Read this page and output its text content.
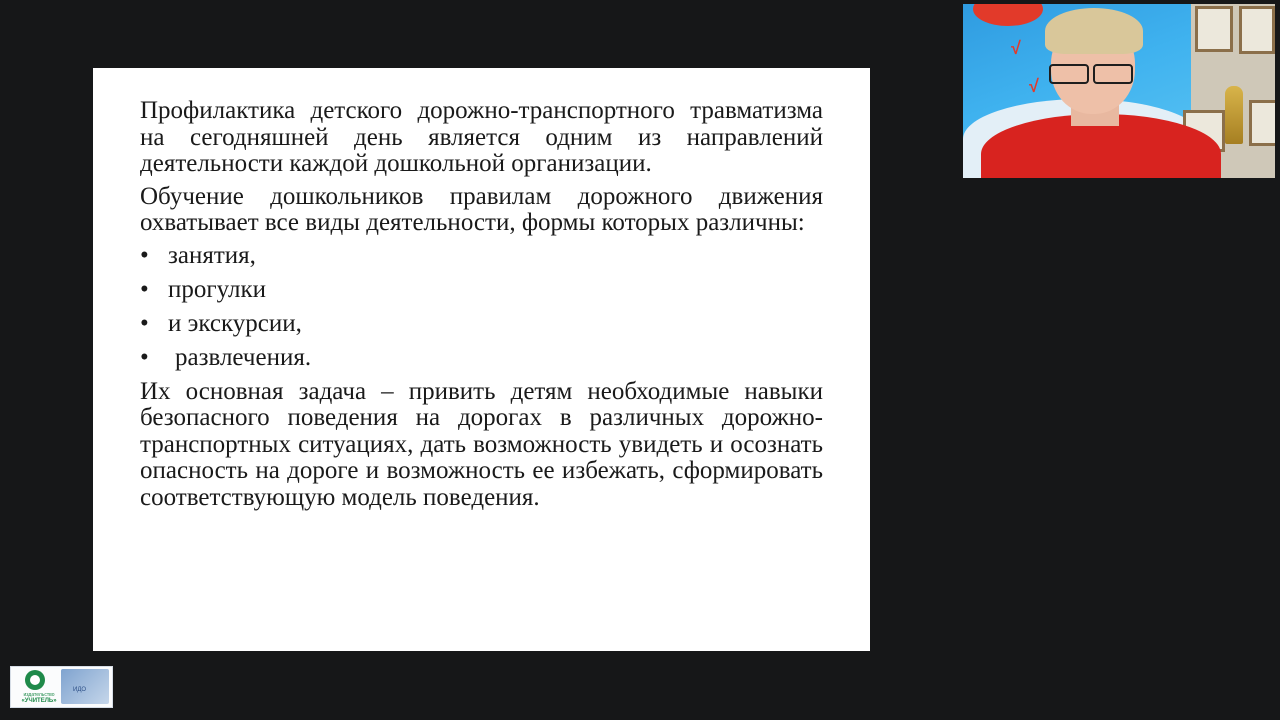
Профилактика детского дорожно-транспортного травматизма на сегодняшней день является одним из направлений деятельности каждой дошкольной организации.

Обучение дошкольников правилам дорожного движения охватывает все виды деятельности, формы которых различны:

• занятия,
• прогулки
• и экскурсии,
•	развлечения.

Их основная задача – привить детям необходимые навыки безопасного поведения на дорогах в различных дорожно-транспортных ситуациях, дать возможность увидеть и осознать опасность на дороге и возможность ее избежать, сформировать соответствующую модель поведения.

√
√
издательство
«УЧИТЕЛЬ»
ИДО
